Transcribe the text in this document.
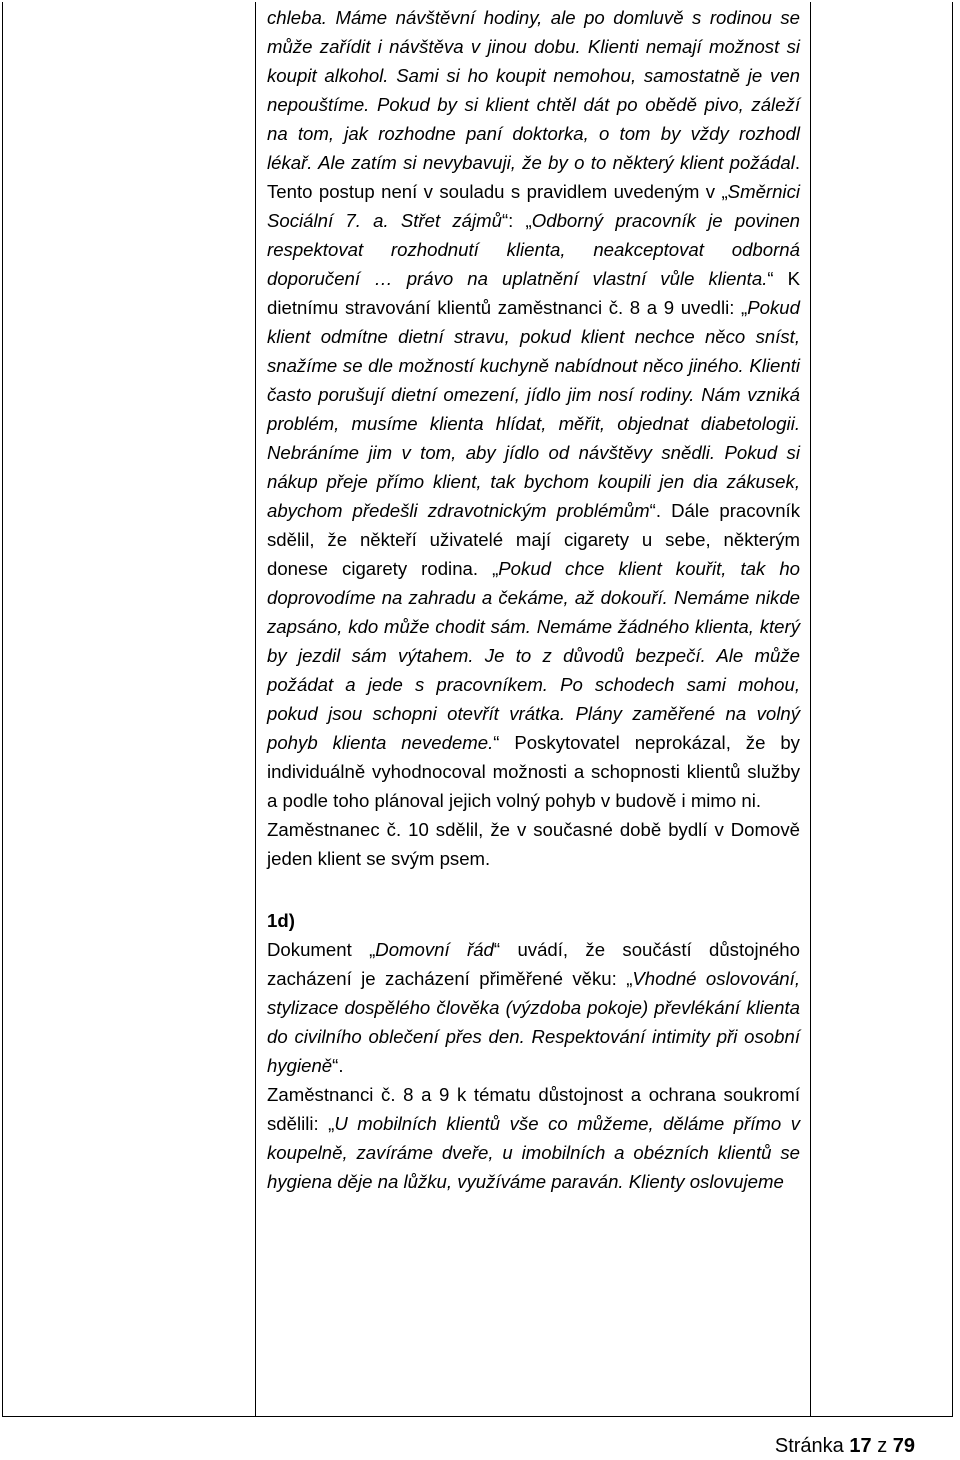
chleba. Máme návštěvní hodiny, ale po domluvě s rodinou se může zařídit i návštěva v jinou dobu. Klienti nemají možnost si koupit alkohol. Sami si ho koupit nemohou, samostatně je ven nepouštíme. Pokud by si klient chtěl dát po obědě pivo, záleží na tom, jak rozhodne paní doktorka, o tom by vždy rozhodl lékař. Ale zatím si nevybavuji, že by o to některý klient požádal. Tento postup není v souladu s pravidlem uvedeným v „Směrnici Sociální 7. a. Střet zájmů“: „Odborný pracovník je povinen respektovat rozhodnutí klienta, neakceptovat odborná doporučení … právo na uplatnění vlastní vůle klienta.“ K dietnímu stravování klientů zaměstnanci č. 8 a 9 uvedli: „Pokud klient odmítne dietní stravu, pokud klient nechce něco sníst, snažíme se dle možností kuchyně nabídnout něco jiného. Klienti často porušují dietní omezení, jídlo jim nosí rodiny. Nám vzniká problém, musíme klienta hlídat, měřit, objednat diabetologii. Nebráníme jim v tom, aby jídlo od návštěvy snědli. Pokud si nákup přeje přímo klient, tak bychom koupili jen dia zákusek, abychom předešli zdravotnickým problémům“. Dále pracovník sdělil, že někteří uživatelé mají cigarety u sebe, některým donese cigarety rodina. „Pokud chce klient kouřit, tak ho doprovodíme na zahradu a čekáme, až dokouří. Nemáme nikde zapsáno, kdo může chodit sám. Nemáme žádného klienta, který by jezdil sám výtahem. Je to z důvodů bezpečí. Ale může požádat a jede s pracovníkem. Po schodech sami mohou, pokud jsou schopni otevřít vrátka. Plány zaměřené na volný pohyb klienta nevedeme.“ Poskytovatel neprokázal, že by individuálně vyhodnocoval možnosti a schopnosti klientů služby a podle toho plánoval jejich volný pohyb v budově i mimo ni.

Zaměstnanec č. 10 sdělil, že v současné době bydlí v Domově jeden klient se svým psem.

1d)

Dokument „Domovní řád“ uvádí, že součástí důstojného zacházení je zacházení přiměřené věku: „Vhodné oslovování, stylizace dospělého člověka (výzdoba pokoje) převlékání klienta do civilního oblečení přes den. Respektování intimity při osobní hygieně“.

Zaměstnanci č. 8 a 9 k tématu důstojnost a ochrana soukromí sdělili: „U mobilních klientů vše co můžeme, děláme přímo v koupelně, zavíráme dveře, u imobilních a obézních klientů se hygiena děje na lůžku, využíváme paraván. Klienty oslovujeme

Stránka 17 z 79
